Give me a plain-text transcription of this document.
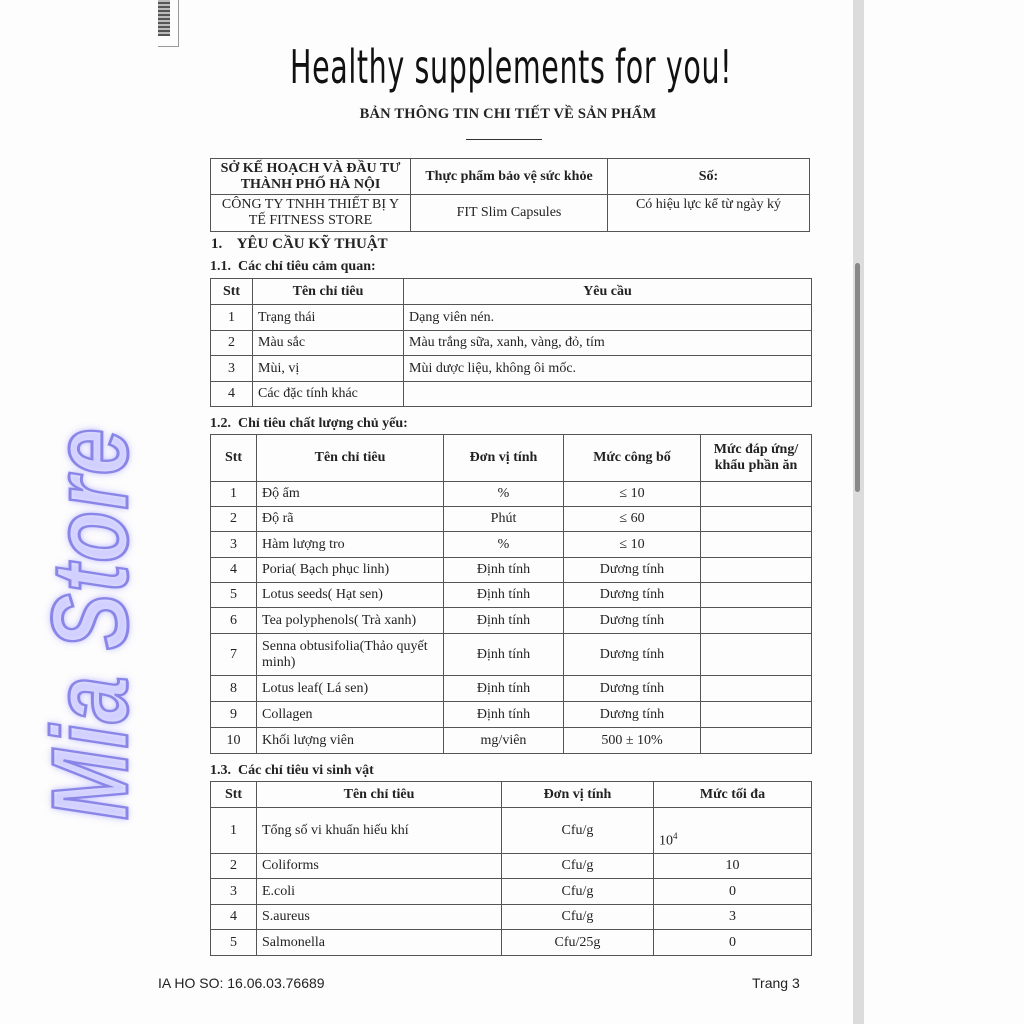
Healthy supplements for you!
BẢN THÔNG TIN CHI TIẾT VỀ SẢN PHẨM
SỞ KẾ HOẠCH VÀ ĐẦU TƯ THÀNH PHỐ HÀ NỘI	Thực phẩm bảo vệ sức khỏe	Số:
CÔNG TY TNHH THIẾT BỊ Y TẾ FITNESS STORE	FIT Slim Capsules	Có hiệu lực kể từ ngày ký
1.    YÊU CẦU KỸ THUẬT
1.1.  Các chỉ tiêu cảm quan:
Stt	Tên chỉ tiêu	Yêu cầu
1	Trạng thái	Dạng viên nén.
2	Màu sắc	Màu trắng sữa, xanh, vàng, đỏ, tím
3	Mùi, vị	Mùi dược liệu, không ôi mốc.
4	Các đặc tính khác	
1.2.  Chỉ tiêu chất lượng chủ yếu:
Stt	Tên chỉ tiêu	Đơn vị tính	Mức công bố	Mức đáp ứng/ khẩu phần ăn
1	Độ ẩm	%	≤ 10	
2	Độ rã	Phút	≤ 60	
3	Hàm lượng tro	%	≤ 10	
4	Poria( Bạch phục linh)	Định tính	Dương tính	
5	Lotus seeds( Hạt sen)	Định tính	Dương tính	
6	Tea polyphenols( Trà xanh)	Định tính	Dương tính	
7	Senna obtusifolia(Thảo quyết minh)	Định tính	Dương tính	
8	Lotus leaf( Lá sen)	Định tính	Dương tính	
9	Collagen	Định tính	Dương tính	
10	Khối lượng viên	mg/viên	500 ± 10%	
1.3.  Các chỉ tiêu vi sinh vật
Stt	Tên chỉ tiêu	Đơn vị tính	Mức tối đa
1	Tổng số vi khuẩn hiếu khí	Cfu/g	$10^4$
2	Coliforms	Cfu/g	10
3	E.coli	Cfu/g	0
4	S.aureus	Cfu/g	3
5	Salmonella	Cfu/25g	0
Mia Store
IA HO SO: 16.06.03.76689	Trang 3
